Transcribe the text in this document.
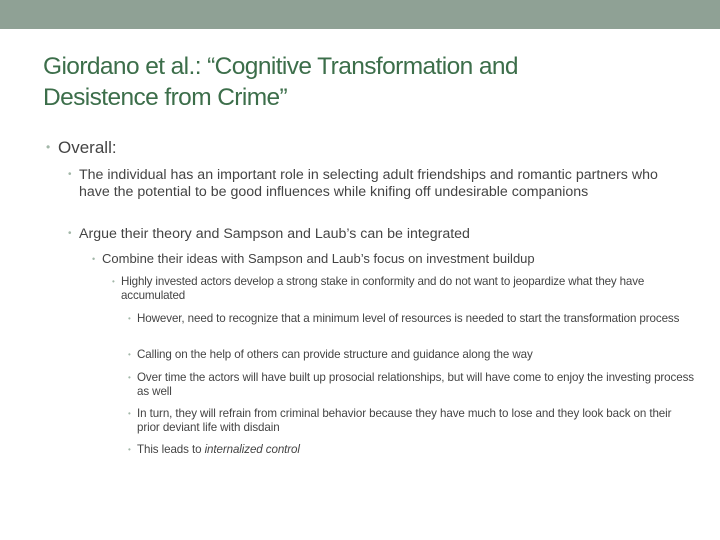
Giordano et al.: “Cognitive Transformation and
Desistence from Crime”
• Overall:
• The individual has an important role in selecting adult friendships and romantic partners who have the potential to be good influences while knifing off undesirable companions
• Argue their theory and Sampson and Laub’s can be integrated
• Combine their ideas with Sampson and Laub’s focus on investment buildup
• Highly invested actors develop a strong stake in conformity and do not want to jeopardize what they have accumulated
• However, need to recognize that a minimum level of resources is needed to start the transformation process
• Calling on the help of others can provide structure and guidance along the way
• Over time the actors will have built up prosocial relationships, but will have come to enjoy the investing process as well
• In turn, they will refrain from criminal behavior because they have much to lose and they look back on their prior deviant life with disdain
• This leads to internalized control
